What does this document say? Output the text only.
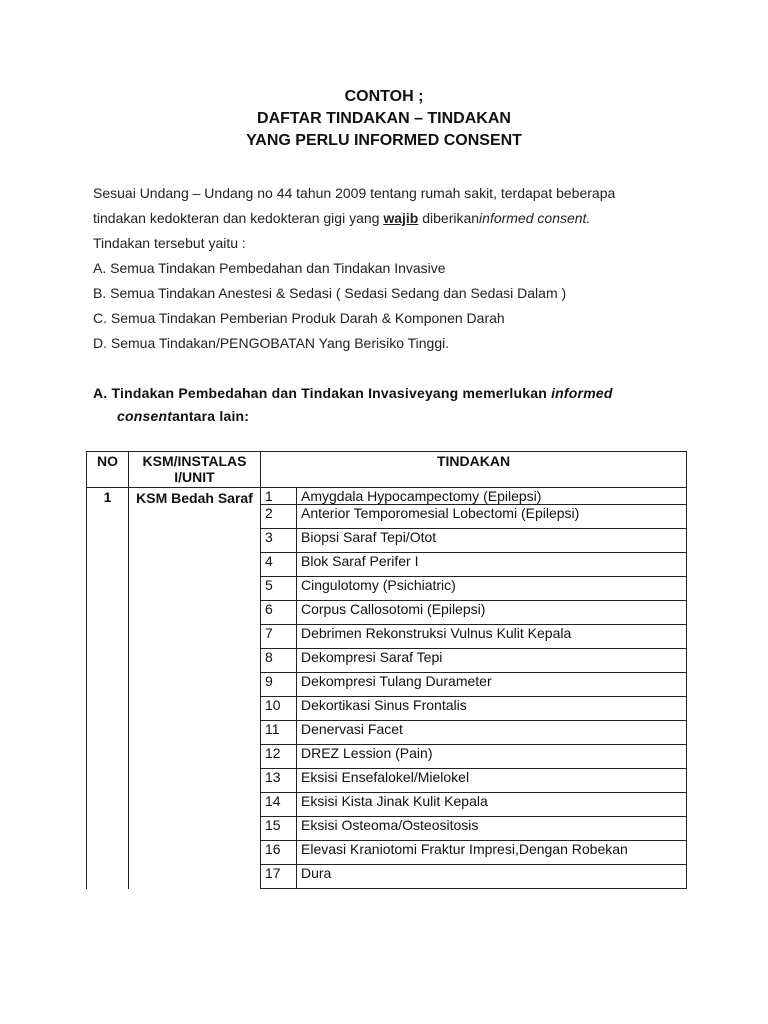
CONTOH ;
DAFTAR TINDAKAN – TINDAKAN
YANG PERLU INFORMED CONSENT

Sesuai Undang – Undang no 44 tahun 2009 tentang rumah sakit, terdapat beberapa

tindakan kedokteran dan kedokteran gigi yang wajib diberikaninformed consent.

Tindakan tersebut yaitu :

A. Semua Tindakan Pembedahan dan Tindakan Invasive

B. Semua Tindakan Anestesi & Sedasi ( Sedasi Sedang dan Sedasi Dalam )

C. Semua Tindakan Pemberian Produk Darah & Komponen Darah

D. Semua Tindakan/PENGOBATAN Yang Berisiko Tinggi.

A. Tindakan Pembedahan dan Tindakan Invasiveyang memerlukan informed
consentantara lain:
NO	KSM/INSTALAS I/UNIT	TINDAKAN	
1	KSM Bedah Saraf	1	Amygdala Hypocampectomy (Epilepsi)
		2	Anterior Temporomesial Lobectomi (Epilepsi)
		3	Biopsi Saraf Tepi/Otot
		4	Blok Saraf Perifer I
		5	Cingulotomy (Psichiatric)
		6	Corpus Callosotomi (Epilepsi)
		7	Debrimen Rekonstruksi Vulnus Kulit Kepala
		8	Dekompresi Saraf Tepi
		9	Dekompresi Tulang Durameter
		10	Dekortikasi Sinus Frontalis
		11	Denervasi Facet
		12	DREZ Lession (Pain)
		13	Eksisi Ensefalokel/Mielokel
		14	Eksisi Kista Jinak Kulit Kepala
		15	Eksisi Osteoma/Osteositosis
		16	Elevasi Kraniotomi Fraktur Impresi,Dengan Robekan
		17	Dura
